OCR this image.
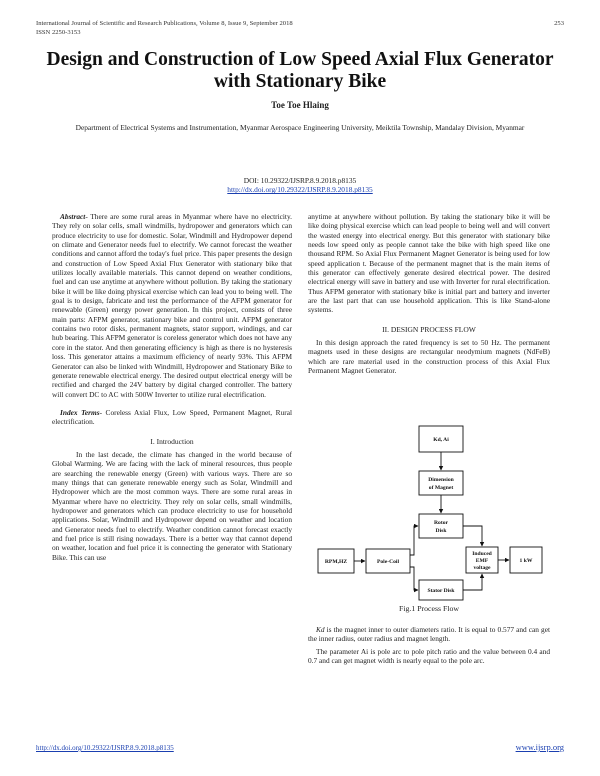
International Journal of Scientific and Research Publications, Volume 8, Issue 9, September 2018
ISSN 2250-3153
253
Design and Construction of Low Speed Axial Flux Generator with Stationary Bike
Toe Toe Hlaing
Department of Electrical Systems and Instrumentation, Myanmar Aerospace Engineering University, Meiktila Township, Mandalay Division, Myanmar
DOI: 10.29322/IJSRP.8.9.2018.p8135
http://dx.doi.org/10.29322/IJSRP.8.9.2018.p8135

Abstract- There are some rural areas in Myanmar where have no electricity. They rely on solar cells, small windmills, hydropower and generators which can produce electricity to use for domestic. Solar, Windmill and Hydropower depend on climate and Generator needs fuel to electrify. We cannot forecast the weather conditions and cannot afford the today's fuel price. This paper presents the design and construction of Low Speed Axial Flux Generator with stationary bike that utilizes locally available materials. This cannot depend on weather conditions, fuel and can use anytime at anywhere without pollution. By taking the stationary bike it will be like doing physical exercise which can lead you to being well. The goal is to design, fabricate and test the performance of the AFPM generator for renewable (Green) energy power generation. In this project, consists of three main parts: AFPM generator, stationary bike and control unit. AFPM generator contains two rotor disks, permanent magnets, stator support, windings, and car hub bearing. This AFPM generator is coreless generator which does not have any core in the stator. And then generating efficiency is high as there is no hysteresis loss. This generator attains a maximum efficiency of nearly 93%. This AFPM Generator can also be linked with Windmill, Hydropower and Stationary Bike to generate renewable electrical energy. The desired output electrical energy will be rectified and charged the 24V battery by digital charged controller. The battery will convert DC to AC with 500W Inverter to utilize rural electrification.

Index Terms- Coreless Axial Flux, Low Speed, Permanent Magnet, Rural electrification.

I. Introduction

In the last decade, the climate has changed in the world because of Global Warming. We are facing with the lack of mineral resources, thus people are searching the renewable energy (Green) with various ways. There are so many things that can generate renewable energy such as Solar, Windmill and Hydropower which are the most common ways. There are some rural areas in Myanmar where have no electricity. They rely on solar cells, small windmills, hydropower and generators which can produce electricity to use for household applications. Solar, Windmill and Hydropower depend on weather and location and Generator needs fuel to electrify. Weather condition cannot forecast exactly and fuel price is still rising nowadays. There is a better way that cannot depend on weather, location and fuel price it is connecting the generator with Stationary Bike. This can use

anytime at anywhere without pollution. By taking the stationary bike it will be like doing physical exercise which can lead people to being well and will convert the wasted energy into electrical energy. But this generator with stationary bike needs low speed only as people cannot take the bike with high speed like one thousand RPM. So Axial Flux Permanent Magnet Generator is being used for low speed application t. Because of the permanent magnet that is the main items of this generator can effectively generate desired electrical power. The desired electrical energy will save in battery and use with Inverter for rural electrification. Thus AFPM generator with stationary bike is initial part and battery and inverter are the last part that can use household application. This is like Stand-alone systems.

II. DESIGN PROCESS FLOW

In this design approach the rated frequency is set to 50 Hz. The permanent magnets used in these designs are rectangular neodymium magnets (NdFeB) which are rare material used in the construction process of this Axial Flux Permanent Magnet Generator.

Kd, Ai
Dimension
of Magnet
Rotor
Disk
RPM,HZ	Pole-Coil
Induced
EMF
voltage
1 kW
Stator Disk
Fig.1 Process Flow

Kd is the magnet inner to outer diameters ratio. It is equal to 0.577 and can get the inner radius, outer radius and magnet length.

The parameter Ai is pole arc to pole pitch ratio and the value between 0.4 and 0.7 and can get magnet width is nearly equal to the pole arc.

http://dx.doi.org/10.29322/IJSRP.8.9.2018.p8135	www.ijsrp.org
